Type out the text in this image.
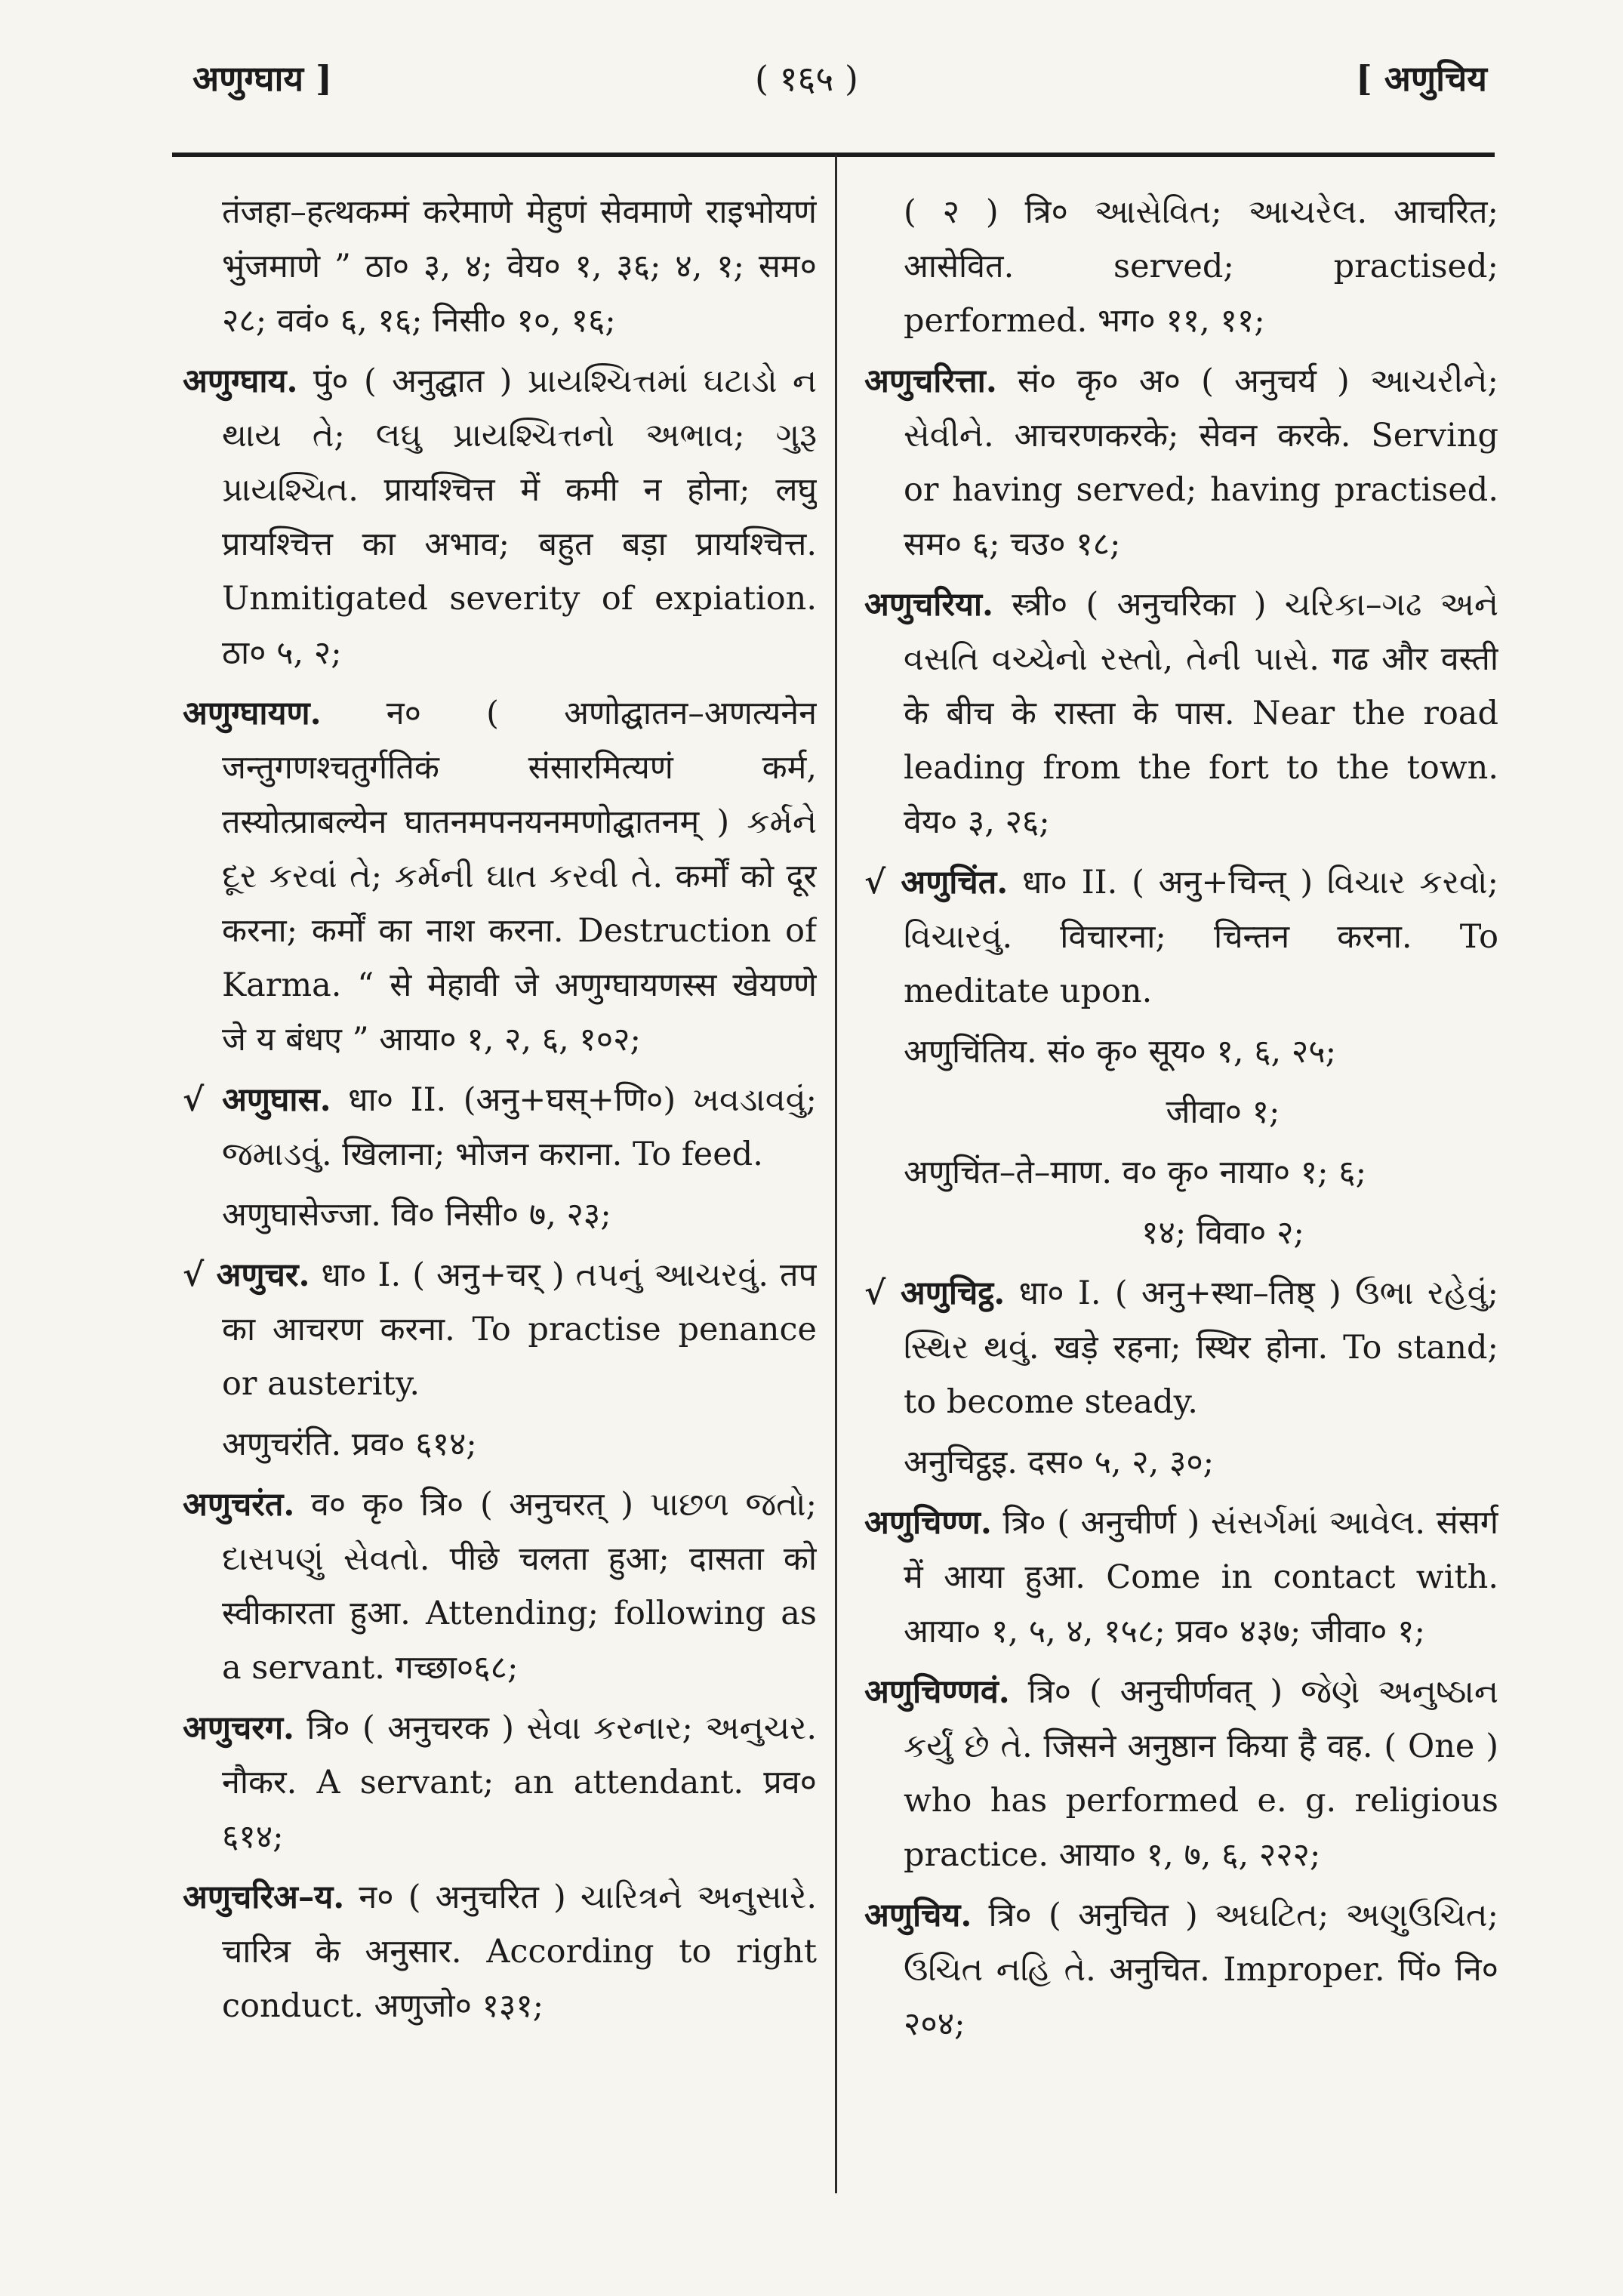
अणुग्घाय ]	( १६५ )	[ अणुचिय

तंजहा–हत्थकम्मं करेमाणे मेहुणं सेवमाणे राइभोयणं भुंजमाणे ” ठा० ३, ४; वेय० १, ३६; ४, १; सम० २८; ववं० ६, १६; निसी० १०, १६;

अणुग्घाय. पुं० ( अनुद्घात ) પ્રાયશ્ચિત્તમાં ઘટાડો ન થાય તે; લઘુ પ્રાયશ્ચિત્તનો અભાવ; ગુરૂ પ્રાયશ્ચિત. प्रायश्चित्त में कमी न होना; लघु प्रायश्चित्त का अभाव; बहुत बड़ा प्रायश्चित्त. Unmitigated severity of expiation. ठा० ५, २;

अणुग्घायण. न० ( अणोद्घातन–अणत्यनेन जन्तुगणश्चतुर्गतिकं संसारमित्यणं कर्म, तस्योत्प्राबल्येन घातनमपनयनमणोद्घातनम् ) કર્મને દૂર કરવાં તે; કર્મની ઘાત કરવી તે. कर्मों को दूर करना; कर्मों का नाश करना. Destruction of Karma. “ से मेहावी जे अणुग्घायणस्स खेयण्णे जे य बंधए ” आया० १, २, ६, १०२;

√ अणुघास. धा० II. (अनु+घस्+णि०) ખવડાવવું; જમાડવું. खिलाना; भोजन कराना. To feed.

अणुघासेज्जा. वि० निसी० ७, २३;

√ अणुचर. धा० I. ( अनु+चर् ) તપનું આચરવું. तप का आचरण करना. To practise penance or austerity.

अणुचरंति. प्रव० ६१४;

अणुचरंत. व० कृ० त्रि० ( अनुचरत् ) પાછળ જતો; દાસપણું સેવતો. पीछे चलता हुआ; दासता को स्वीकारता हुआ. Attending; following as a servant. गच्छा०६८;

अणुचरग. त्रि० ( अनुचरक ) સેવા કરનાર; અનુચર. नौकर. A servant; an attendant. प्रव० ६१४;

अणुचरिअ–य. न० ( अनुचरित ) ચારિત્રને અનુસારે. चारित्र के अनुसार. According to right conduct. अणुजो० १३१;

( २ ) त्रि० આસેવિત; આચરેલ. आचरित; आसेवित. served; practised; performed. भग० ११, ११;

अणुचरित्ता. सं० कृ० अ० ( अनुचर्य ) આચરીને; સેવીને. आचरणकरके; सेवन करके. Serving or having served; having practised. सम० ६; चउ० १८;

अणुचरिया. स्त्री० ( अनुचरिका ) ચરિકા–ગઢ અને વસતિ વચ્ચેનો રસ્તો, તેની પાસે. गढ और वस्ती के बीच के रास्ता के पास. Near the road leading from the fort to the town. वेय० ३, २६;

√ अणुचिंत. धा० II. ( अनु+चिन्त् ) વિચાર કરવો; વિચારવું. विचारना; चिन्तन करना. To meditate upon.

अणुचिंतिय. सं० कृ० सूय० १, ६, २५;

जीवा० १;

अणुचिंत–ते–माण. व० कृ० नाया० १; ६;

१४; विवा० २;

√ अणुचिट्ठ. धा० I. ( अनु+स्था–तिष्ठ् ) ઉભા રહેવું; સ્થિર થવું. खड़े रहना; स्थिर होना. To stand; to become steady.

अनुचिट्ठइ. दस० ५, २, ३०;

अणुचिण्ण. त्रि० ( अनुचीर्ण ) સંસર્ગમાં આવેલ. संसर्ग में आया हुआ. Come in contact with. आया० १, ५, ४, १५८; प्रव० ४३७; जीवा० १;

अणुचिण्णवं. त्रि० ( अनुचीर्णवत् ) જેણે અનુષ્ઠાન કર્યું છે તે. जिसने अनुष्ठान किया है वह. ( One ) who has performed e. g. religious practice. आया० १, ७, ६, २२२;

अणुचिय. त्रि० ( अनुचित ) અઘટિત; અણુઉચિત; ઉચિત નહિ તે. अनुचित. Improper. पिं० नि० २०४;
